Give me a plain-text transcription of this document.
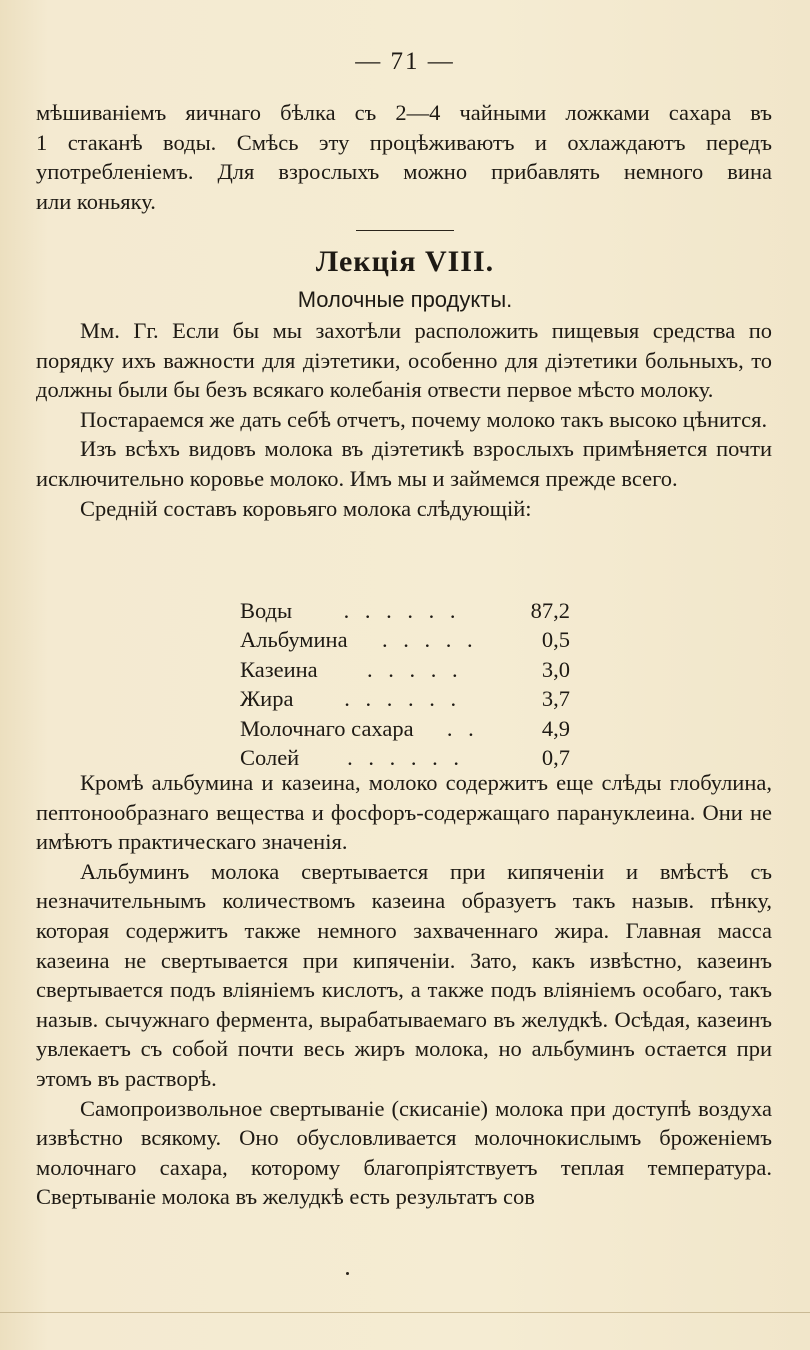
— 71 —

мѣшиваніемъ яичнаго бѣлка съ 2—4 чайными ложками сахара въ

1 стаканѣ воды. Смѣсь эту процѣживаютъ и охлаждаютъ передъ

употребленіемъ. Для взрослыхъ можно прибавлять немного вина

или коньяку.

Лекція VIII.
Молочные продукты.

Мм. Гг. Если бы мы захотѣли расположить пищевыя средства по порядку ихъ важности для діэтетики, особенно для діэтетики больныхъ, то должны были бы безъ всякаго колебанія отвести первое мѣсто молоку.

Постараемся же дать себѣ отчетъ, почему молоко такъ высоко цѣнится.

Изъ всѣхъ видовъ молока въ діэтетикѣ взрослыхъ примѣняется почти исключительно коровье молоко. Имъ мы и займемся прежде всего.

Среднiй составъ коровьяго молока слѣдующій:

Воды	. . . . . .	87,2
Альбумина	. . . . .	0,5
Казеина	. . . . .	3,0
Жира	. . . . . .	3,7
Молочнаго сахара	. .	4,9
Солей	. . . . . .	0,7

Кромѣ альбумина и казеина, молоко содержитъ еще слѣды глобулина, пептонообразнаго вещества и фосфоръ-содержащаго парануклеина. Они не имѣютъ практическаго значенія.

Альбуминъ молока свертывается при кипяченіи и вмѣстѣ съ незначительнымъ количествомъ казеина образуетъ такъ назыв. пѣнку, которая содержитъ также немного захваченнаго жира. Главная масса казеина не свертывается при кипяченіи. Зато, какъ извѣстно, казеинъ свертывается подъ вліяніемъ кислотъ, а также подъ вліяніемъ особаго, такъ назыв. сычужнаго фермента, вырабатываемаго въ желудкѣ. Осѣдая, казеинъ увлекаетъ съ собой почти весь жиръ молока, но альбуминъ остается при этомъ въ растворѣ.

Самопроизвольное свертываніе (скисаніе) молока при доступѣ воздуха извѣстно всякому. Оно обусловливается молочнокислымъ броженіемъ молочнаго сахара, которому благопріятствуетъ теплая температура. Свертываніе молока въ желудкѣ есть результатъ сов
